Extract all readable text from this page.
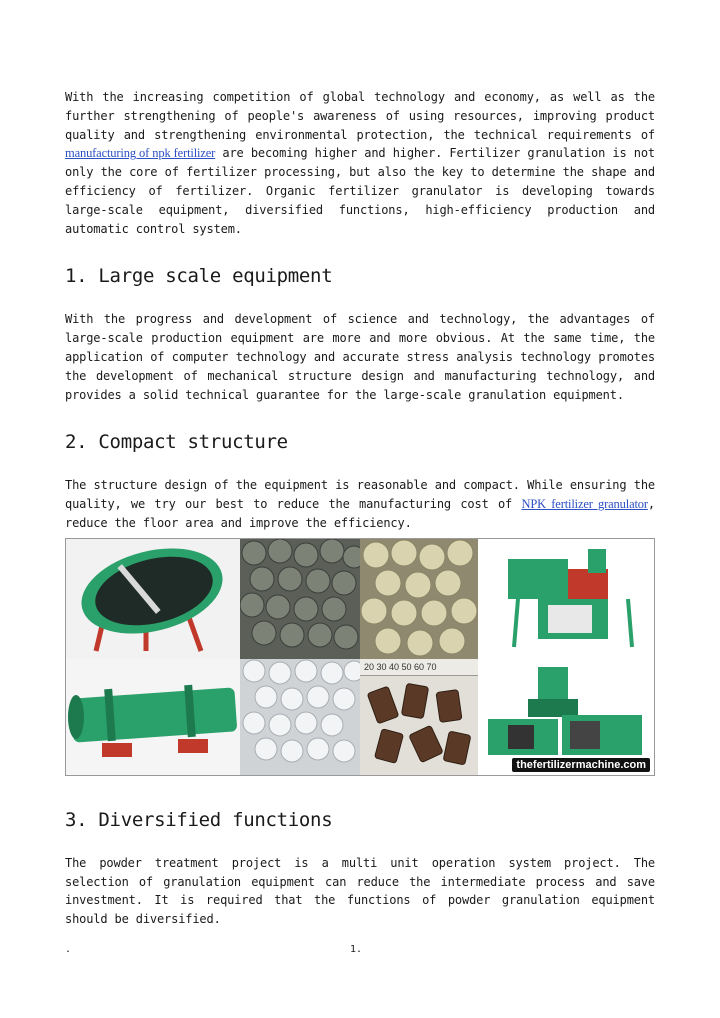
With the increasing competition of global technology and economy, as well as the further strengthening of people's awareness of using resources, improving product quality and strengthening environmental protection, the technical requirements of manufacturing of npk fertilizer are becoming higher and higher. Fertilizer granulation is not only the core of fertilizer processing, but also the key to determine the shape and efficiency of fertilizer. Organic fertilizer granulator is developing towards large-scale equipment, diversified functions, high-efficiency production and automatic control system.

1. Large scale equipment

With the progress and development of science and technology, the advantages of large-scale production equipment are more and more obvious. At the same time, the application of computer technology and accurate stress analysis technology promotes the development of mechanical structure design and manufacturing technology, and provides a solid technical guarantee for the large-scale granulation equipment.

2. Compact structure

The structure design of the equipment is reasonable and compact. While ensuring the quality, we try our best to reduce the manufacturing cost of NPK fertilizer granulator, reduce the floor area and improve the efficiency.

20 30 40 50 60 70
thefertilizermachine.com
3. Diversified functions

The powder treatment project is a multi unit operation system project. The selection of granulation equipment can reduce the intermediate process and save investment. It is required that the functions of powder granulation equipment should be diversified.

.	1.
